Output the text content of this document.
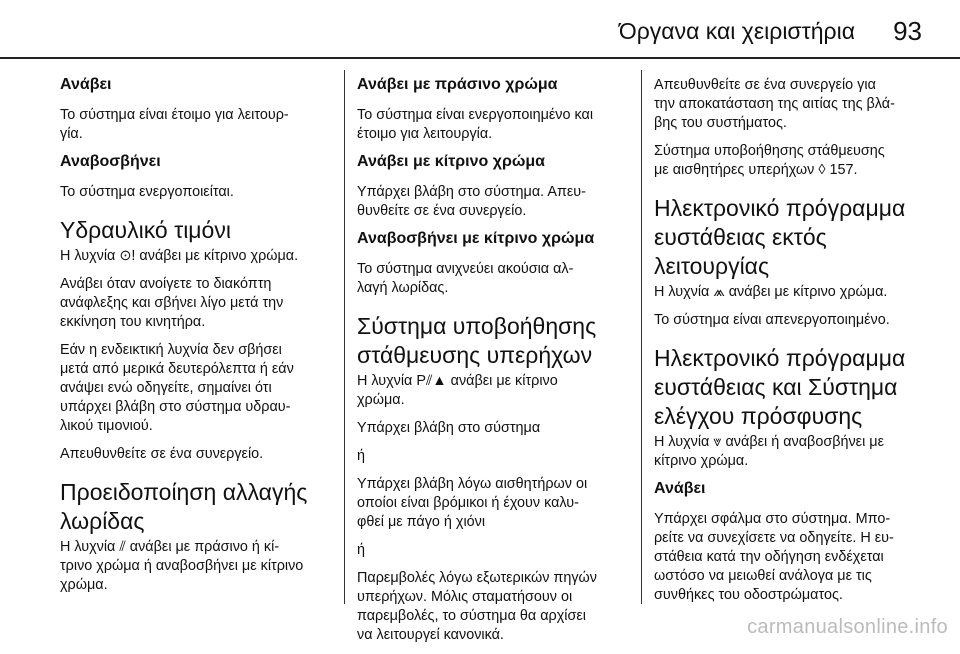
Όργανα και χειριστήρια 93
Ανάβει
Το σύστημα είναι έτοιμο για λειτουρ-
γία.
Αναβοσβήνει
Το σύστημα ενεργοποιείται.
Υδραυλικό τιμόνι
Η λυχνία ⊙! ανάβει με κίτρινο χρώμα.
Ανάβει όταν ανοίγετε το διακόπτη
ανάφλεξης και σβήνει λίγο μετά την
εκκίνηση του κινητήρα.
Εάν η ενδεικτική λυχνία δεν σβήσει
μετά από μερικά δευτερόλεπτα ή εάν
ανάψει ενώ οδηγείτε, σημαίνει ότι
υπάρχει βλάβη στο σύστημα υδραυ-
λικού τιμονιού.
Απευθυνθείτε σε ένα συνεργείο.
Προειδοποίηση αλλαγής
λωρίδας
Η λυχνία ⫽ ανάβει με πράσινο ή κί-
τρινο χρώμα ή αναβοσβήνει με κίτρινο
χρώμα.
Ανάβει με πράσινο χρώμα
Το σύστημα είναι ενεργοποιημένο και
έτοιμο για λειτουργία.
Ανάβει με κίτρινο χρώμα
Υπάρχει βλάβη στο σύστημα. Απευ-
θυνθείτε σε ένα συνεργείο.
Αναβοσβήνει με κίτρινο χρώμα
Το σύστημα ανιχνεύει ακούσια αλ-
λαγή λωρίδας.
Σύστημα υποβοήθησης
στάθμευσης υπερήχων
Η λυχνία P⫽▲ ανάβει με κίτρινο
χρώμα.
Υπάρχει βλάβη στο σύστημα
ή
Υπάρχει βλάβη λόγω αισθητήρων οι
οποίοι είναι βρόμικοι ή έχουν καλυ-
φθεί με πάγο ή χιόνι
ή
Παρεμβολές λόγω εξωτερικών πηγών
υπερήχων. Μόλις σταματήσουν οι
παρεμβολές, το σύστημα θα αρχίσει
να λειτουργεί κανονικά.
Απευθυνθείτε σε ένα συνεργείο για
την αποκατάσταση της αιτίας της βλά-
βης του συστήματος.
Σύστημα υποβοήθησης στάθμευσης
με αισθητήρες υπερήχων ◊ 157.
Ηλεκτρονικό πρόγραμμα
ευστάθειας εκτός
λειτουργίας
Η λυχνία ⩕ ανάβει με κίτρινο χρώμα.
Το σύστημα είναι απενεργοποιημένο.
Ηλεκτρονικό πρόγραμμα
ευστάθειας και Σύστημα
ελέγχου πρόσφυσης
Η λυχνία ⩔ ανάβει ή αναβοσβήνει με
κίτρινο χρώμα.
Ανάβει
Υπάρχει σφάλμα στο σύστημα. Μπο-
ρείτε να συνεχίσετε να οδηγείτε. Η ευ-
στάθεια κατά την οδήγηση ενδέχεται
ωστόσο να μειωθεί ανάλογα με τις
συνθήκες του οδοστρώματος.
carmanualsonline.info
